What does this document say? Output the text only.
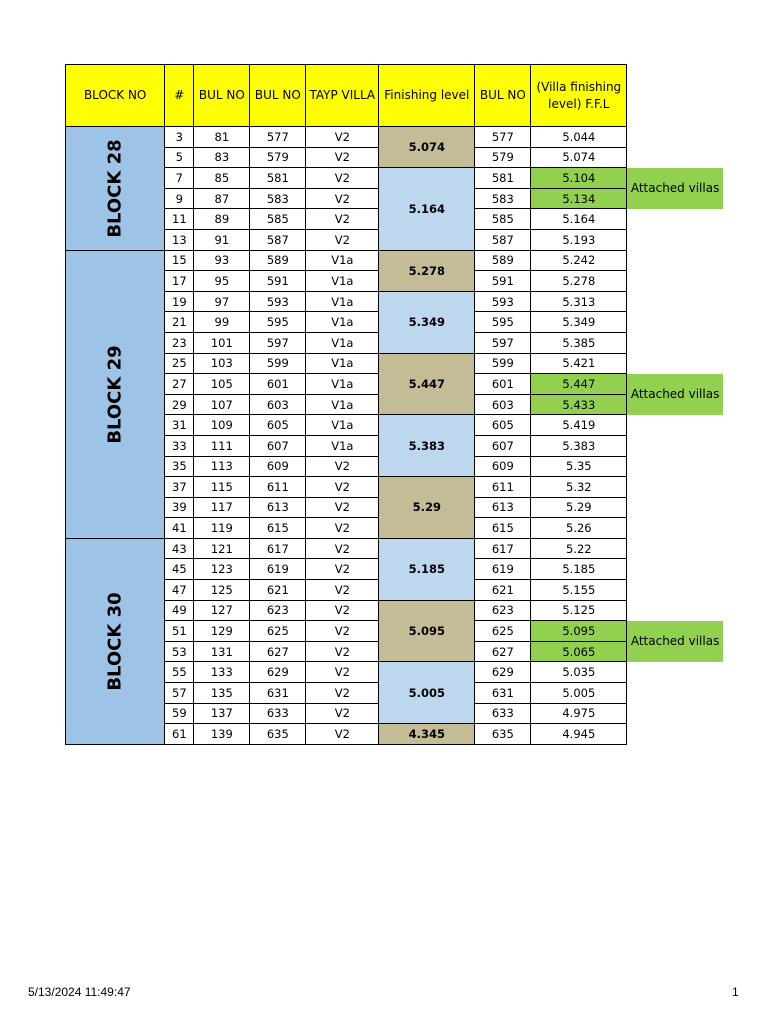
BLOCK NO	#	BUL NO	BUL NO	TAYP VILLA	Finishing level	BUL NO	(Villa finishing level) F.F.L	
BLOCK 28	3	81	577	V2	5.074	577	5.044	
	5	83	579	V2		579	5.074	
	7	85	581	V2	5.164	581	5.104	Attached villas
	9	87	583	V2		583	5.134	
	11	89	585	V2		585	5.164	
	13	91	587	V2		587	5.193	
BLOCK 29	15	93	589	V1a	5.278	589	5.242	
	17	95	591	V1a		591	5.278	
	19	97	593	V1a	5.349	593	5.313	
	21	99	595	V1a		595	5.349	
	23	101	597	V1a		597	5.385	
	25	103	599	V1a	5.447	599	5.421	
	27	105	601	V1a		601	5.447	Attached villas
	29	107	603	V1a		603	5.433	
	31	109	605	V1a	5.383	605	5.419	
	33	111	607	V1a		607	5.383	
	35	113	609	V2		609	5.35	
	37	115	611	V2	5.29	611	5.32	
	39	117	613	V2		613	5.29	
	41	119	615	V2		615	5.26	
BLOCK 30	43	121	617	V2	5.185	617	5.22	
	45	123	619	V2		619	5.185	
	47	125	621	V2		621	5.155	
	49	127	623	V2	5.095	623	5.125	
	51	129	625	V2		625	5.095	Attached villas
	53	131	627	V2		627	5.065	
	55	133	629	V2	5.005	629	5.035	
	57	135	631	V2		631	5.005	
	59	137	633	V2		633	4.975	
	61	139	635	V2	4.345	635	4.945	
5/13/2024 11:49:47	1
